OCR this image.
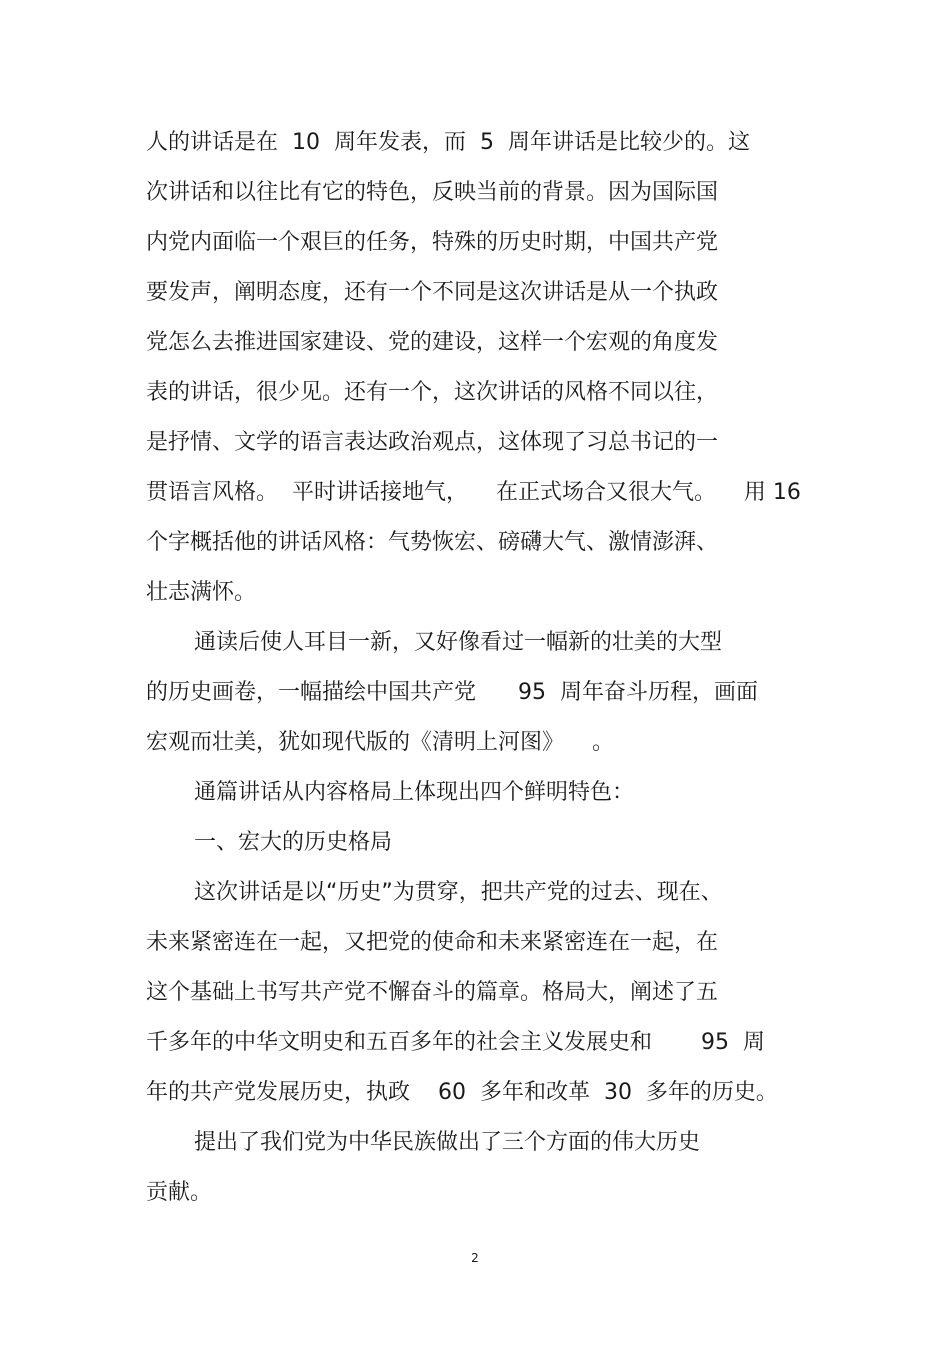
人的讲话是在  10  周年发表，而  5  周年讲话是比较少的。这
次讲话和以往比有它的特色，反映当前的背景。因为国际国
内党内面临一个艰巨的任务，特殊的历史时期，中国共产党
要发声，阐明态度，还有一个不同是这次讲话是从一个执政
党怎么去推进国家建设、党的建设，这样一个宏观的角度发
表的讲话，很少见。还有一个，这次讲话的风格不同以往，
是抒情、文学的语言表达政治观点，这体现了习总书记的一
贯语言风格。  平时讲话接地气，    在正式场合又很大气。    用 16
个字概括他的讲话风格：气势恢宏、磅礴大气、激情澎湃、
壮志满怀。
通读后使人耳目一新，又好像看过一幅新的壮美的大型
的历史画卷，一幅描绘中国共产党      95  周年奋斗历程，画面
宏观而壮美，犹如现代版的《清明上河图》    。
通篇讲话从内容格局上体现出四个鲜明特色：
一、宏大的历史格局
这次讲话是以“历史”为贯穿，把共产党的过去、现在、
未来紧密连在一起，又把党的使命和未来紧密连在一起，在
这个基础上书写共产党不懈奋斗的篇章。格局大，阐述了五
千多年的中华文明史和五百多年的社会主义发展史和       95  周
年的共产党发展历史，执政    60  多年和改革  30  多年的历史。
提出了我们党为中华民族做出了三个方面的伟大历史
贡献。
2
